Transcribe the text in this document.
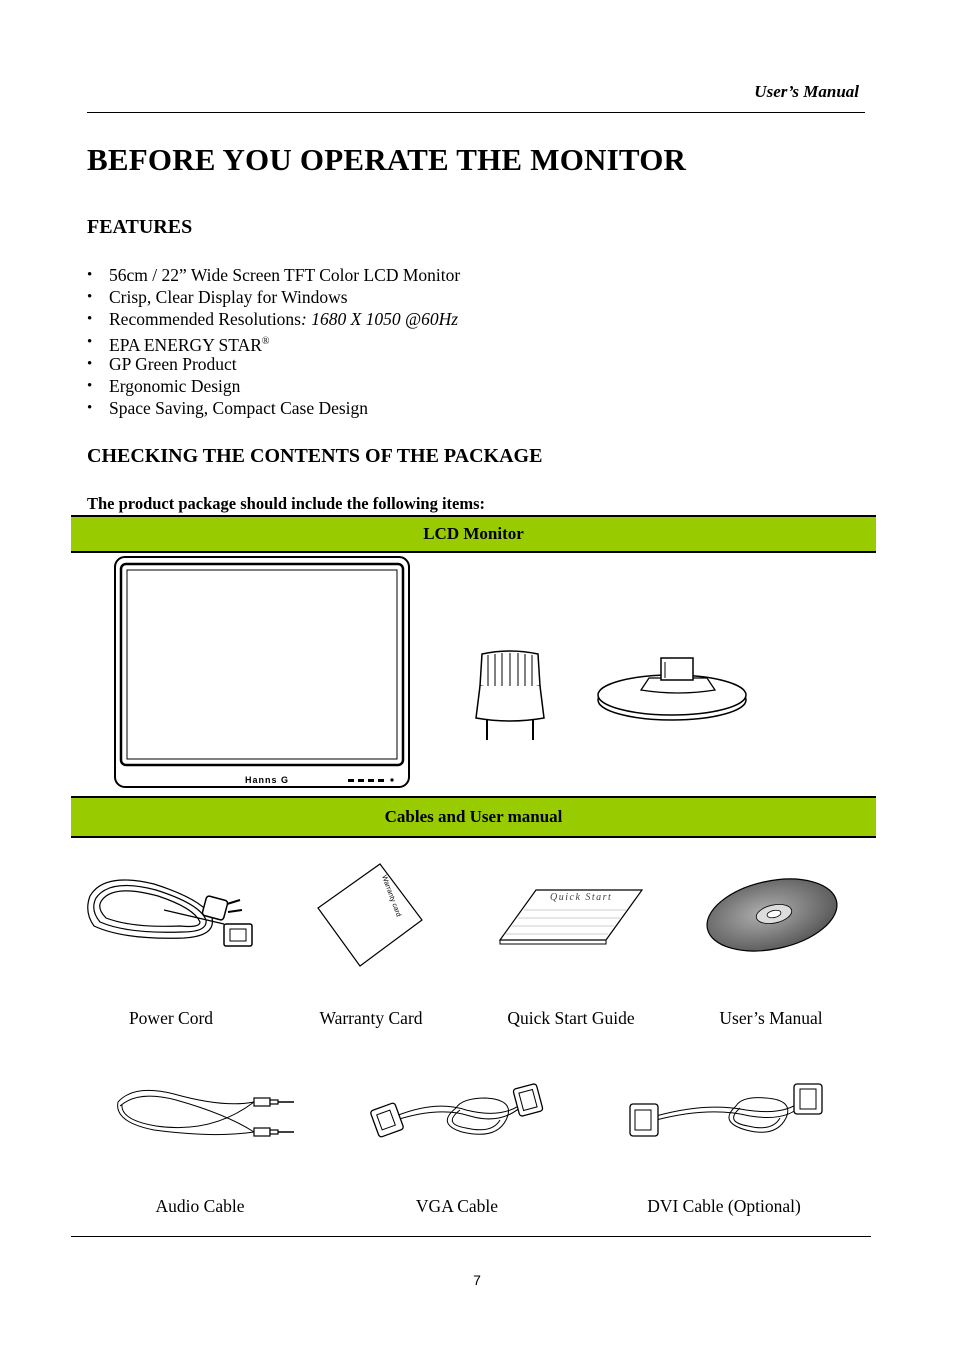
User’s Manual
BEFORE YOU OPERATE THE MONITOR
FEATURES
• 56cm / 22” Wide Screen TFT Color LCD Monitor
• Crisp, Clear Display for Windows
• Recommended Resolutions: 1680 X 1050 @60Hz
• EPA ENERGY STAR®
• GP Green Product
• Ergonomic Design
• Space Saving, Compact Case Design
CHECKING THE CONTENTS OF THE PACKAGE
The product package should include the following items:
LCD Monitor
Hanns G
Cables and User manual
Warranty card	Quick Start
Power Cord	Warranty Card	Quick Start Guide	User’s Manual
Audio Cable	VGA Cable	DVI Cable (Optional)
7
